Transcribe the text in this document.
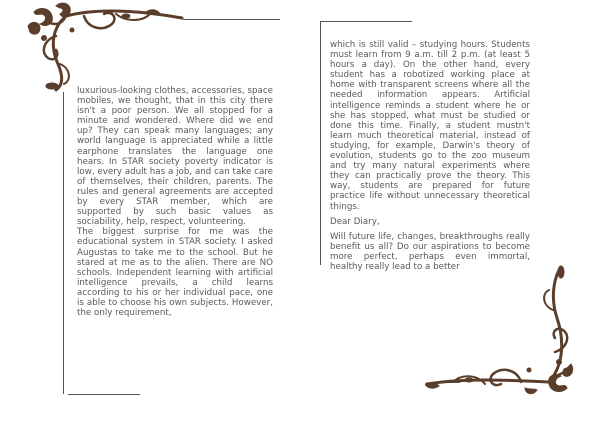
luxurious-looking clothes, accessories, space mobiles, we thought, that in this city there isn't a poor person. We all stopped for a minute and wondered. Where did we end up? They can speak many languages; any world language is appreciated while a little earphone translates the language one hears. In STAR society poverty indicator is low, every adult has a job, and can take care of themselves, their children, parents. The rules and general agreements are accepted by every STAR member, which are supported by such basic values as sociability, help, respect, volunteering.

The biggest surprise for me was the educational system in STAR society. I asked Augustas to take me to the school. But he stared at me as to the alien. There are NO schools. Independent learning with artificial intelligence prevails, a child learns according to his or her individual pace, one is able to choose his own subjects. However, the only requirement,

which is still valid – studying hours. Students must learn from 9 a.m. till 2 p.m. (at least 5 hours a day). On the other hand, every student has a robotized working place at home with transparent screens where all the needed information appears. Artificial intelligence reminds a student where he or she has stopped, what must be studied or done this time. Finally, a student mustn't learn much theoretical material, instead of studying, for example, Darwin's theory of evolution, students go to the zoo museum and try many natural experiments where they can practically prove the theory. This way, students are prepared for future practice life without unnecessary theoretical things.

Dear Diary,

Will future life, changes, breakthroughs really benefit us all? Do our aspirations to become more perfect, perhaps even immortal, healthy really lead to a better
